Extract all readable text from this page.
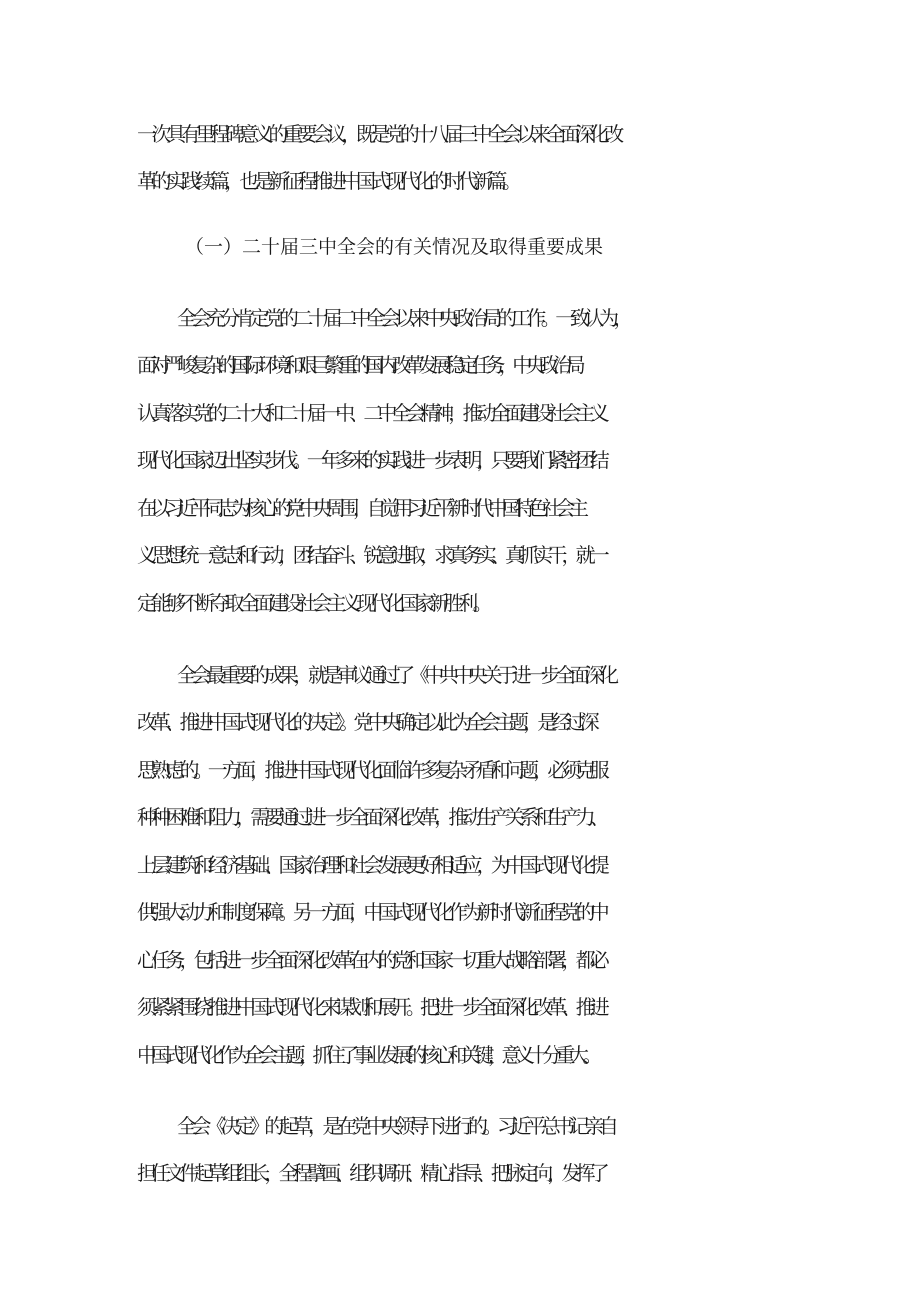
一次具有里程碑意义的重要会议，既是党的十八届三中全会以来全面深化改
革的实践续篇，也是新征程推进中国式现代化的时代新篇。
（一）二十届三中全会的有关情况及取得重要成果
全会充分肯定党的二十届二中全会以来中央政治局的工作。一致认为，
面对严峻复杂的国际环境和艰巨繁重的国内改革发展稳定任务，中央政治局
认真落实党的二十大和二十届一中、二中全会精神，推动全面建设社会主义
现代化国家迈出坚实步伐。一年多来的实践进一步表明，只要我们紧密团结
在以习近平同志为核心的党中央周围，自觉用习近平新时代中国特色社会主
义思想统一意志和行动，团结奋斗、锐意进取，求真务实、真抓实干，就一
定能够不断夺取全面建设社会主义现代化国家新胜利。
全会最重要的成果，就是审议通过了《中共中央关于进一步全面深化
改革、推进中国式现代化的决定》。党中央确定以此为全会主题，是经过深
思熟虑的。一方面，推进中国式现代化面临许多复杂矛盾和问题，必须克服
种种困难和阻力，需要通过进一步全面深化改革，推动生产关系和生产力、
上层建筑和经济基础、国家治理和社会发展更好相适应，为中国式现代化提
供强大动力和制度保障。另一方面，中国式现代化作为新时代新征程党的中
心任务，包括进一步全面深化改革在内的党和国家一切重大战略部署，都必
须紧紧围绕推进中国式现代化来谋划和展开。把进一步全面深化改革、推进
中国式现代化作为全会主题，抓住了事业发展的核心和关键，意义十分重大。
全会《决定》的起草，是在党中央领导下进行的。习近平总书记亲自
担任文件起草组组长，全程擘画、组织调研、精心指导、把脉定向，发挥了
